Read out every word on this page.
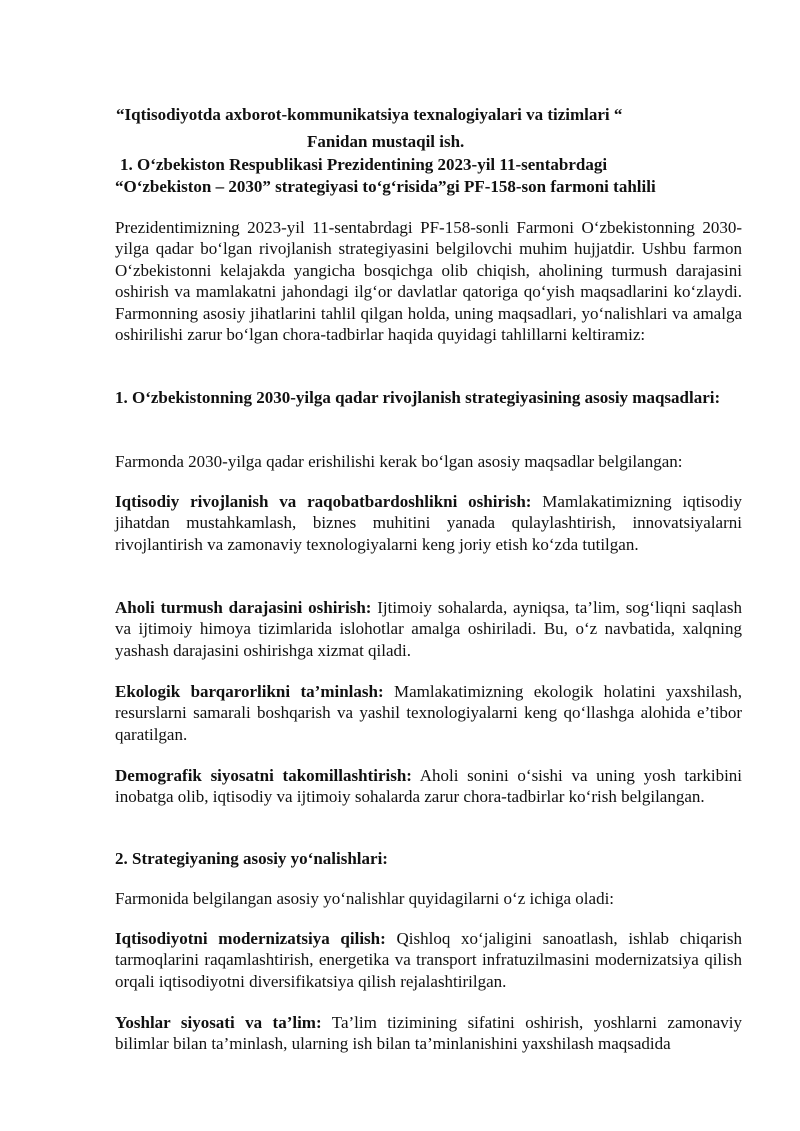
“Iqtisodiyotda axborot-kommunikatsiya texnalogiyalari va tizimlari “
Fanidan mustaqil ish.
1. O‘zbekiston Respublikasi Prezidentining 2023-yil 11-sentabrdagi
“O‘zbekiston – 2030” strategiyasi to‘g‘risida”gi PF-158-son farmoni tahlili

Prezidentimizning 2023-yil 11-sentabrdagi PF-158-sonli Farmoni O‘zbekistonning 2030-yilga qadar bo‘lgan rivojlanish strategiyasini belgilovchi muhim hujjatdir. Ushbu farmon O‘zbekistonni kelajakda yangicha bosqichga olib chiqish, aholining turmush darajasini oshirish va mamlakatni jahondagi ilg‘or davlatlar qatoriga qo‘yish maqsadlarini ko‘zlaydi. Farmonning asosiy jihatlarini tahlil qilgan holda, uning maqsadlari, yo‘nalishlari va amalga oshirilishi zarur bo‘lgan chora-tadbirlar haqida quyidagi tahlillarni keltiramiz:

1. O‘zbekistonning 2030-yilga qadar rivojlanish strategiyasining asosiy maqsadlari:

Farmonda 2030-yilga qadar erishilishi kerak bo‘lgan asosiy maqsadlar belgilangan:

Iqtisodiy rivojlanish va raqobatbardoshlikni oshirish: Mamlakatimizning iqtisodiy jihatdan mustahkamlash, biznes muhitini yanada qulaylashtirish, innovatsiyalarni rivojlantirish va zamonaviy texnologiyalarni keng joriy etish ko‘zda tutilgan.

Aholi turmush darajasini oshirish: Ijtimoiy sohalarda, ayniqsa, ta’lim, sog‘liqni saqlash va ijtimoiy himoya tizimlarida islohotlar amalga oshiriladi. Bu, o‘z navbatida, xalqning yashash darajasini oshirishga xizmat qiladi.

Ekologik barqarorlikni ta’minlash: Mamlakatimizning ekologik holatini yaxshilash, resurslarni samarali boshqarish va yashil texnologiyalarni keng qo‘llashga alohida e’tibor qaratilgan.

Demografik siyosatni takomillashtirish: Aholi sonini o‘sishi va uning yosh tarkibini inobatga olib, iqtisodiy va ijtimoiy sohalarda zarur chora-tadbirlar ko‘rish belgilangan.

2. Strategiyaning asosiy yo‘nalishlari:

Farmonida belgilangan asosiy yo‘nalishlar quyidagilarni o‘z ichiga oladi:

Iqtisodiyotni modernizatsiya qilish: Qishloq xo‘jaligini sanoatlash, ishlab chiqarish tarmoqlarini raqamlashtirish, energetika va transport infratuzilmasini modernizatsiya qilish orqali iqtisodiyotni diversifikatsiya qilish rejalashtirilgan.

Yoshlar siyosati va ta’lim: Ta’lim tizimining sifatini oshirish, yoshlarni zamonaviy bilimlar bilan ta’minlash, ularning ish bilan ta’minlanishini yaxshilash maqsadida
